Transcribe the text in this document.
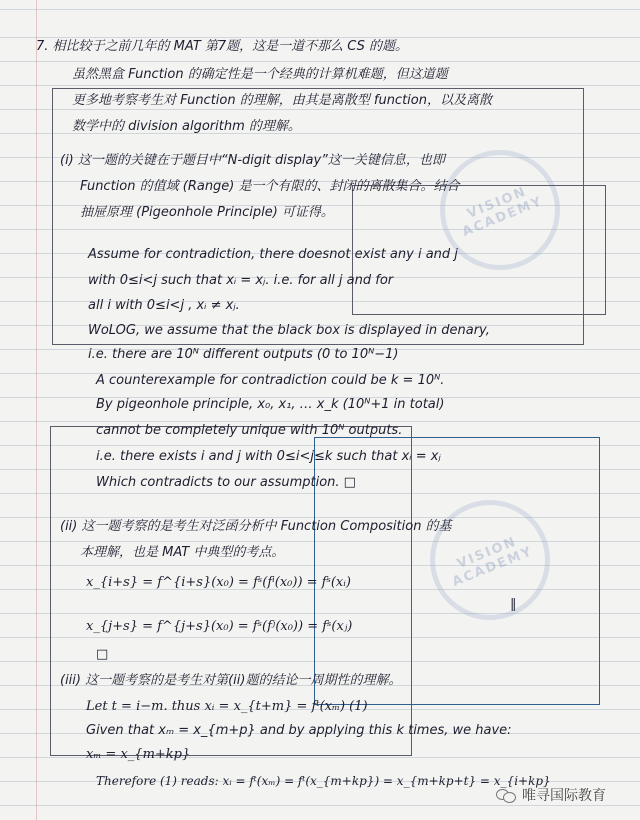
VISION ACADEMY
VISION ACADEMY
7. 相比较于之前几年的 MAT 第7题，这是一道不那么 CS 的题。
虽然黑盒 Function 的确定性是一个经典的计算机难题，但这道题
更多地考察考生对 Function 的理解，由其是离散型 function，以及离散
数学中的 division algorithm 的理解。
(i) 这一题的关键在于题目中“N-digit display”这一关键信息，也即
Function 的值域 (Range) 是一个有限的、封闭的离散集合。结合
抽屉原理 (Pigeonhole Principle) 可证得。
Assume for contradiction, there doesnot exist any i and j
with 0≤i<j such that xᵢ = xⱼ. i.e. for all j and for
all i with 0≤i<j , xᵢ ≠ xⱼ.
WoLOG, we assume that the black box is displayed in denary,
i.e. there are 10ᴺ different outputs (0 to 10ᴺ−1)
A counterexample for contradiction could be k = 10ᴺ.
By pigeonhole principle, x₀, x₁, … x_k (10ᴺ+1 in total)
cannot be completely unique with 10ᴺ outputs.
i.e. there exists i and j with 0≤i<j≤k such that xᵢ = xⱼ
Which contradicts to our assumption. □
(ii) 这一题考察的是考生对泛函分析中 Function Composition 的基
本理解，也是 MAT 中典型的考点。
x_{i+s} = f^{i+s}(x₀) = fˢ(fⁱ(x₀)) = fˢ(xᵢ)
‖
x_{j+s} = f^{j+s}(x₀) = fˢ(fʲ(x₀)) = fˢ(xⱼ)
□
(iii) 这一题考察的是考生对第(ii)题的结论一周期性的理解。
Let t = i−m. thus xᵢ = x_{t+m} = fᵗ(xₘ) (1)
Given that xₘ = x_{m+p} and by applying this k times, we have:
xₘ = x_{m+kp}
Therefore (1) reads: xᵢ = fᵗ(xₘ) = fᵗ(x_{m+kp}) = x_{m+kp+t} = x_{i+kp}
唯寻国际教育
